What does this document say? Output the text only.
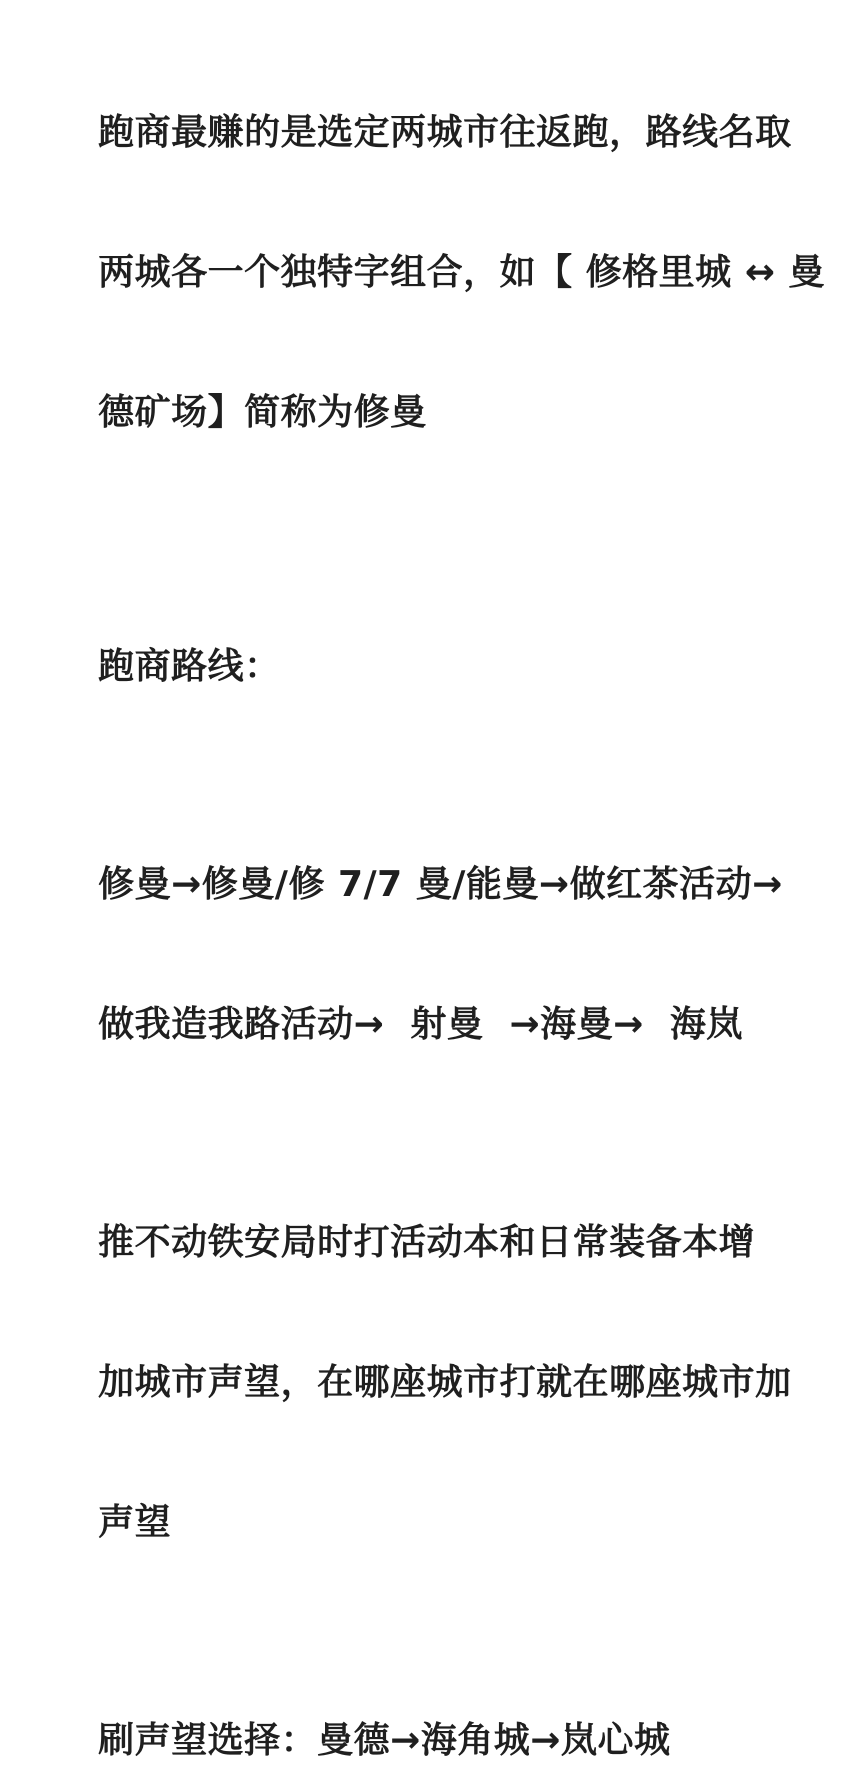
跑商最赚的是选定两城市往返跑，路线名取

两城各一个独特字组合，如【 修格里城 ↔ 曼

德矿场】简称为修曼

跑商路线：

修曼→修曼/修 7/7 曼/能曼→做红茶活动→

做我造我路活动→  射曼  →海曼→  海岚

推不动铁安局时打活动本和日常装备本增

加城市声望，在哪座城市打就在哪座城市加

声望

刷声望选择：曼德→海角城→岚心城
